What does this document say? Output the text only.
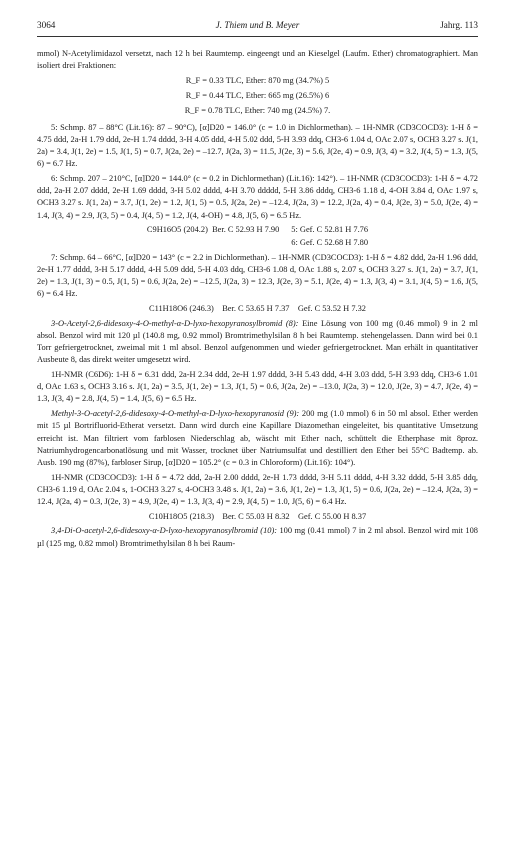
3064	J. Thiem und B. Meyer	Jahrg. 113

mmol) N-Acetylimidazol versetzt, nach 12 h bei Raumtemp. eingeengt und an Kieselgel (Laufm. Ether) chromatographiert. Man isoliert drei Fraktionen:

R_F = 0.33 TLC, Ether: 870 mg (34.7%) 5

R_F = 0.44 TLC, Ether: 665 mg (26.5%) 6

R_F = 0.78 TLC, Ether: 740 mg (24.5%) 7.

5: Schmp. 87 – 88°C (Lit.16): 87 – 90°C), [α]D20 = 146.0° (c = 1.0 in Dichlormethan). – 1H-NMR (CD3COCD3): 1-H δ = 4.75 ddd, 2a-H 1.79 ddd, 2e-H 1.74 dddd, 3-H 4.05 ddd, 4-H 5.02 ddd, 5-H 3.93 ddq, CH3-6 1.04 d, OAc 2.07 s, OCH3 3.27 s. J(1, 2a) = 3.4, J(1, 2e) = 1.5, J(1, 5) = 0.7, J(2a, 2e) = –12.7, J(2a, 3) = 11.5, J(2e, 3) = 5.6, J(2e, 4) = 0.9, J(3, 4) = 3.2, J(4, 5) = 1.3, J(5, 6) = 6.7 Hz.

6: Schmp. 207 – 210°C, [α]D20 = 144.0° (c = 0.2 in Dichlormethan) (Lit.16): 142°). – 1H-NMR (CD3COCD3): 1-H δ = 4.72 ddd, 2a-H 2.07 dddd, 2e-H 1.69 dddd, 3-H 5.02 dddd, 4-H 3.70 ddddd, 5-H 3.86 dddq, CH3-6 1.18 d, 4-OH 3.84 d, OAc 1.97 s, OCH3 3.27 s. J(1, 2a) = 3.7, J(1, 2e) = 1.2, J(1, 5) = 0.5, J(2a, 2e) = –12.4, J(2a, 3) = 12.2, J(2a, 4) = 0.4, J(2e, 3) = 5.0, J(2e, 4) = 1.4, J(3, 4) = 2.9, J(3, 5) = 0.4, J(4, 5) = 1.2, J(4, 4-OH) = 4.8, J(5, 6) = 6.5 Hz.

C9H16O5 (204.2) Ber. C 52.93 H 7.90 5: Gef. C 52.81 H 7.76
6: Gef. C 52.68 H 7.80

7: Schmp. 64 – 66°C, [α]D20 = 143° (c = 2.2 in Dichlormethan). – 1H-NMR (CD3COCD3): 1-H δ = 4.82 ddd, 2a-H 1.96 ddd, 2e-H 1.77 dddd, 3-H 5.17 dddd, 4-H 5.09 ddd, 5-H 4.03 ddq, CH3-6 1.08 d, OAc 1.88 s, 2.07 s, OCH3 3.27 s. J(1, 2a) = 3.7, J(1, 2e) = 1.3, J(1, 3) = 0.5, J(1, 5) = 0.6, J(2a, 2e) = –12.5, J(2a, 3) = 12.3, J(2e, 3) = 5.1, J(2e, 4) = 1.3, J(3, 4) = 3.1, J(4, 5) = 1.6, J(5, 6) = 6.4 Hz.

C11H18O6 (246.3)    Ber. C 53.65 H 7.37    Gef. C 53.52 H 7.32

3-O-Acetyl-2,6-didesoxy-4-O-methyl-α-D-lyxo-hexopyranosylbromid (8): Eine Lösung von 100 mg (0.46 mmol) 9 in 2 ml absol. Benzol wird mit 120 µl (140.8 mg, 0.92 mmol) Bromtrimethylsilan 8 h bei Raumtemp. stehengelassen. Dann wird bei 0.1 Torr gefriergetrocknet, zweimal mit 1 ml absol. Benzol aufgenommen und wieder gefriergetrocknet. Man erhält in quantitativer Ausbeute 8, das direkt weiter umgesetzt wird.

1H-NMR (C6D6): 1-H δ = 6.31 ddd, 2a-H 2.34 ddd, 2e-H 1.97 dddd, 3-H 5.43 ddd, 4-H 3.03 ddd, 5-H 3.93 ddq, CH3-6 1.01 d, OAc 1.63 s, OCH3 3.16 s. J(1, 2a) = 3.5, J(1, 2e) = 1.3, J(1, 5) = 0.6, J(2a, 2e) = –13.0, J(2a, 3) = 12.0, J(2e, 3) = 4.7, J(2e, 4) = 1.3, J(3, 4) = 2.8, J(4, 5) = 1.4, J(5, 6) = 6.5 Hz.

Methyl-3-O-acetyl-2,6-didesoxy-4-O-methyl-α-D-lyxo-hexopyranosid (9): 200 mg (1.0 mmol) 6 in 50 ml absol. Ether werden mit 15 µl Bortrifluorid-Etherat versetzt. Dann wird durch eine Kapillare Diazomethan eingeleitet, bis quantitative Umsetzung erreicht ist. Man filtriert vom farblosen Niederschlag ab, wäscht mit Ether nach, schüttelt die Etherphase mit 8proz. Natriumhydrogencarbonatlösung und mit Wasser, trocknet über Natriumsulfat und destilliert den Ether bei 55°C Badtemp. ab. Ausb. 190 mg (87%), farbloser Sirup, [α]D20 = 105.2° (c = 0.3 in Chloroform) (Lit.16): 104°).

1H-NMR (CD3COCD3): 1-H δ = 4.72 ddd, 2a-H 2.00 dddd, 2e-H 1.73 dddd, 3-H 5.11 dddd, 4-H 3.32 dddd, 5-H 3.85 ddq, CH3-6 1.19 d, OAc 2.04 s, 1-OCH3 3.27 s, 4-OCH3 3.48 s. J(1, 2a) = 3.6, J(1, 2e) = 1.3, J(1, 5) = 0.6, J(2a, 2e) = –12.4, J(2a, 3) = 12.4, J(2a, 4) = 0.3, J(2e, 3) = 4.9, J(2e, 4) = 1.3, J(3, 4) = 2.9, J(4, 5) = 1.0, J(5, 6) = 6.4 Hz.

C10H18O5 (218.3)    Ber. C 55.03 H 8.32    Gef. C 55.00 H 8.37

3,4-Di-O-acetyl-2,6-didesoxy-α-D-lyxo-hexopyranosylbromid (10): 100 mg (0.41 mmol) 7 in 2 ml absol. Benzol wird mit 108 µl (125 mg, 0.82 mmol) Bromtrimethylsilan 8 h bei Raum-
